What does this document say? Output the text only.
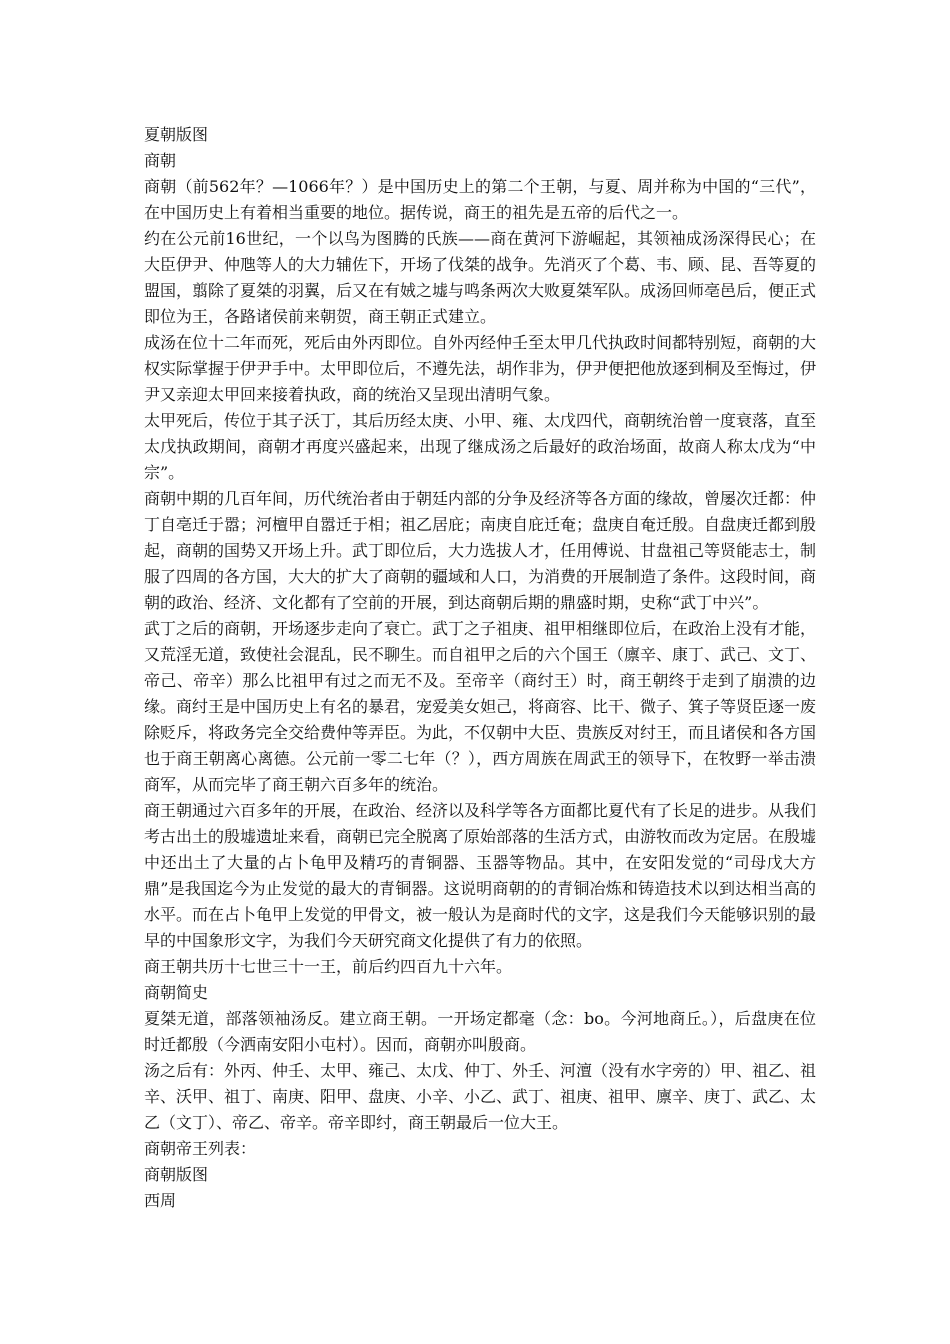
夏朝版图

商朝

商朝（前562年？—1066年？）是中国历史上的第二个王朝，与夏、周并称为中国的“三代”，在中国历史上有着相当重要的地位。据传说，商王的祖先是五帝的后代之一。

约在公元前16世纪，一个以鸟为图腾的氏族——商在黄河下游崛起，其领袖成汤深得民心；在大臣伊尹、仲虺等人的大力辅佐下，开场了伐桀的战争。先消灭了个葛、韦、顾、昆、吾等夏的盟国，翦除了夏桀的羽翼，后又在有娀之墟与鸣条两次大败夏桀军队。成汤回师亳邑后，便正式即位为王，各路诸侯前来朝贺，商王朝正式建立。

成汤在位十二年而死，死后由外丙即位。自外丙经仲壬至太甲几代执政时间都特别短，商朝的大权实际掌握于伊尹手中。太甲即位后，不遵先法，胡作非为，伊尹便把他放逐到桐及至悔过，伊尹又亲迎太甲回来接着执政，商的统治又呈现出清明气象。

太甲死后，传位于其子沃丁，其后历经太庚、小甲、雍、太戊四代，商朝统治曾一度衰落，直至太戊执政期间，商朝才再度兴盛起来，出现了继成汤之后最好的政治场面，故商人称太戊为“中宗”。

商朝中期的几百年间，历代统治者由于朝廷内部的分争及经济等各方面的缘故，曾屡次迁都：仲丁自亳迁于嚣；河檀甲自嚣迁于相；祖乙居庇；南庚自庇迁奄；盘庚自奄迁殷。自盘庚迁都到殷起，商朝的国势又开场上升。武丁即位后，大力选拔人才，任用傅说、甘盘祖己等贤能志士，制服了四周的各方国，大大的扩大了商朝的疆域和人口，为消费的开展制造了条件。这段时间，商朝的政治、经济、文化都有了空前的开展，到达商朝后期的鼎盛时期，史称“武丁中兴”。

武丁之后的商朝，开场逐步走向了衰亡。武丁之子祖庚、祖甲相继即位后，在政治上没有才能，又荒淫无道，致使社会混乱，民不聊生。而自祖甲之后的六个国王（廪辛、康丁、武己、文丁、帝己、帝辛）那么比祖甲有过之而无不及。至帝辛（商纣王）时，商王朝终于走到了崩溃的边缘。商纣王是中国历史上有名的暴君，宠爱美女妲己，将商容、比干、微子、箕子等贤臣逐一废除贬斥，将政务完全交给费仲等弄臣。为此，不仅朝中大臣、贵族反对纣王，而且诸侯和各方国也于商王朝离心离德。公元前一零二七年（？），西方周族在周武王的领导下，在牧野一举击溃商军，从而完毕了商王朝六百多年的统治。

商王朝通过六百多年的开展，在政治、经济以及科学等各方面都比夏代有了长足的进步。从我们考古出土的殷墟遗址来看，商朝已完全脱离了原始部落的生活方式，由游牧而改为定居。在殷墟中还出土了大量的占卜龟甲及精巧的青铜器、玉器等物品。其中，在安阳发觉的“司母戊大方鼎”是我国迄今为止发觉的最大的青铜器。这说明商朝的的青铜冶炼和铸造技术以到达相当高的水平。而在占卜龟甲上发觉的甲骨文，被一般认为是商时代的文字，这是我们今天能够识别的最早的中国象形文字，为我们今天研究商文化提供了有力的依照。

商王朝共历十七世三十一王，前后约四百九十六年。

商朝简史

夏桀无道，部落领袖汤反。建立商王朝。一开场定都毫（念：bo。今河地商丘。），后盘庚在位时迁都殷（今洒南安阳小屯村）。因而，商朝亦叫殷商。

汤之后有：外丙、仲壬、太甲、雍己、太戊、仲丁、外壬、河澶（没有水字旁的）甲、祖乙、祖辛、沃甲、祖丁、南庚、阳甲、盘庚、小辛、小乙、武丁、祖庚、祖甲、廪辛、庚丁、武乙、太乙（文丁）、帝乙、帝辛。帝辛即纣，商王朝最后一位大王。

商朝帝王列表：

商朝版图

西周
